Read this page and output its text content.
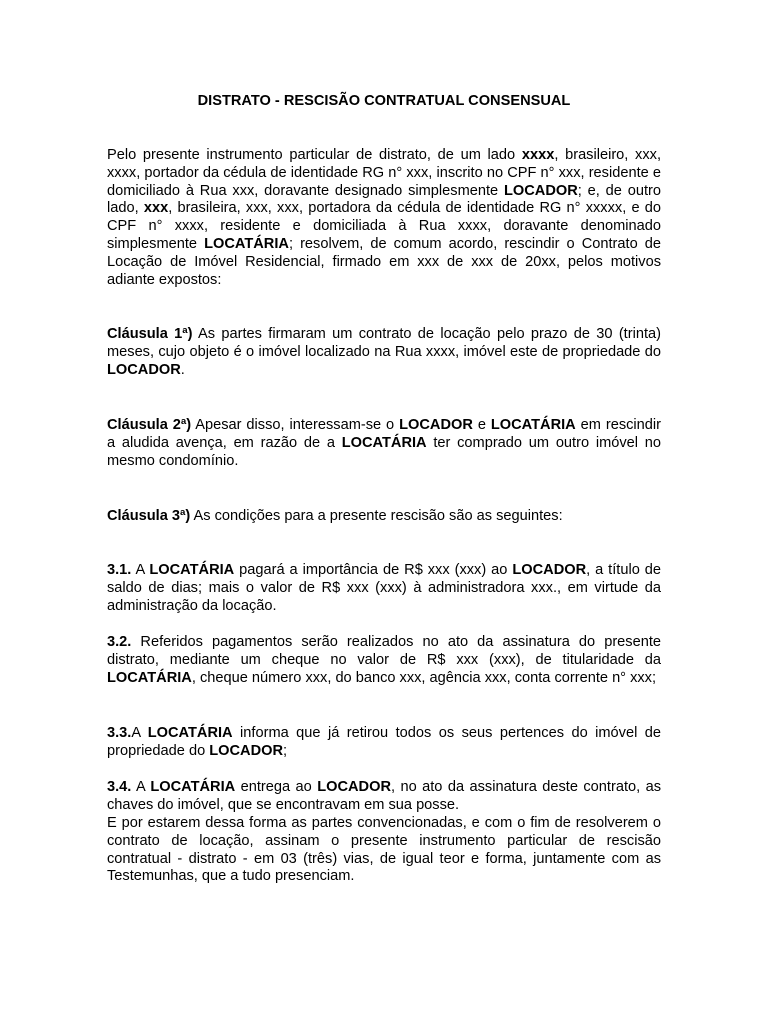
DISTRATO - RESCISÃO CONTRATUAL CONSENSUAL

Pelo presente instrumento particular de distrato, de um lado xxxx, brasileiro, xxx, xxxx, portador da cédula de identidade RG n° xxx, inscrito no CPF n° xxx, residente e domiciliado à Rua xxx, doravante designado simplesmente LOCADOR; e, de outro lado, xxx, brasileira, xxx, xxx, portadora da cédula de identidade RG n° xxxxx, e do CPF n° xxxx, residente e domiciliada à Rua xxxx, doravante denominado simplesmente LOCATÁRIA; resolvem, de comum acordo, rescindir o Contrato de Locação de Imóvel Residencial, firmado em xxx de xxx de 20xx, pelos motivos adiante expostos:

Cláusula 1ª) As partes firmaram um contrato de locação pelo prazo de 30 (trinta) meses, cujo objeto é o imóvel localizado na Rua xxxx, imóvel este de propriedade do LOCADOR.

Cláusula 2ª) Apesar disso, interessam-se o LOCADOR e LOCATÁRIA em rescindir a aludida avença, em razão de a LOCATÁRIA ter comprado um outro imóvel no mesmo condomínio.

Cláusula 3ª) As condições para a presente rescisão são as seguintes:

3.1. A LOCATÁRIA pagará a importância de R$ xxx (xxx) ao LOCADOR, a título de saldo de dias; mais o valor de R$ xxx (xxx) à administradora xxx., em virtude da administração da locação.

3.2. Referidos pagamentos serão realizados no ato da assinatura do presente distrato, mediante um cheque no valor de R$ xxx (xxx), de titularidade da LOCATÁRIA, cheque número xxx, do banco xxx, agência xxx, conta corrente n° xxx;

3.3.A LOCATÁRIA informa que já retirou todos os seus pertences do imóvel de propriedade do LOCADOR;

3.4. A LOCATÁRIA entrega ao LOCADOR, no ato da assinatura deste contrato, as chaves do imóvel, que se encontravam em sua posse.

E por estarem dessa forma as partes convencionadas, e com o fim de resolverem o contrato de locação, assinam o presente instrumento particular de rescisão contratual - distrato - em 03 (três) vias, de igual teor e forma, juntamente com as Testemunhas, que a tudo presenciam.
